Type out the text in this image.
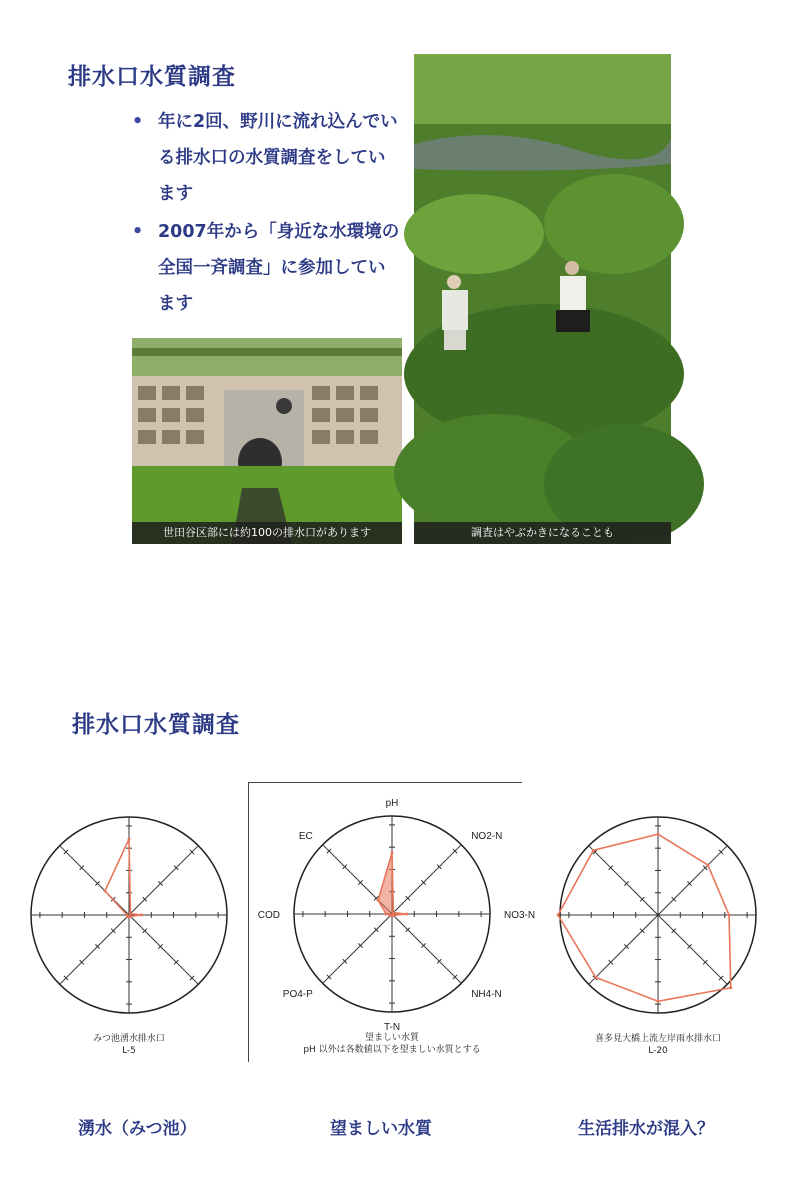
排水口水質調査
• 年に2回、野川に流れ込んでいる排水口の水質調査をしています
• 2007年から「身近な水環境の全国一斉調査」に参加しています
世田谷区部には約100の排水口があります	調査はやぶかきになることも
排水口水質調査
みつ池湧水排水口
L-5
pH
NO2-N
NO3-N
NH4-N
T-N
PO4-P
COD
EC
望ましい水質
pH 以外は各数値以下を望ましい水質とする
喜多見大橋上流左岸雨水排水口
L-20
湧水（みつ池）	望ましい水質	生活排水が混入？
